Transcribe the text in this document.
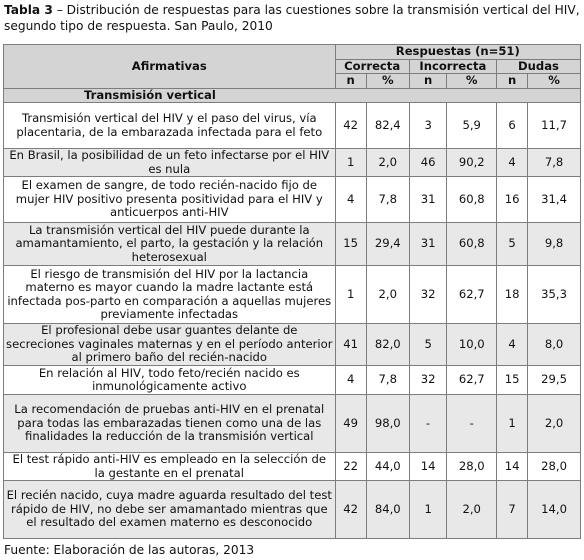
Tabla 3 – Distribución de respuestas para las cuestiones sobre la transmisión vertical del HIV, segundo tipo de respuesta. San Paulo, 2010
Afirmativas	Respuestas (n=51)					
	Correcta		Incorrecta		Dudas	
	n	%	n	%	n	%
Transmisión vertical						
Transmisión vertical del HIV y el paso del virus, vía placentaria, de la embarazada infectada para el feto	42	82,4	3	5,9	6	11,7
En Brasil, la posibilidad de un feto infectarse por el HIV es nula	1	2,0	46	90,2	4	7,8
El examen de sangre, de todo recién-nacido fijo de mujer HIV positivo presenta positividad para el HIV y anticuerpos anti-HIV	4	7,8	31	60,8	16	31,4
La transmisión vertical del HIV puede durante la amamantamiento, el parto, la gestación y la relación heterosexual	15	29,4	31	60,8	5	9,8
El riesgo de transmisión del HIV por la lactancia materno es mayor cuando la madre lactante está infectada pos-parto en comparación a aquellas mujeres previamente infectadas	1	2,0	32	62,7	18	35,3
El profesional debe usar guantes delante de secreciones vaginales maternas y en el período anterior al primero baño del recién-nacido	41	82,0	5	10,0	4	8,0
En relación al HIV, todo feto/recién nacido es inmunológicamente activo	4	7,8	32	62,7	15	29,5
La recomendación de pruebas anti-HIV en el prenatal para todas las embarazadas tienen como una de las finalidades la reducción de la transmisión vertical	49	98,0	-	-	1	2,0
El test rápido anti-HIV es empleado en la selección de la gestante en el prenatal	22	44,0	14	28,0	14	28,0
El recién nacido, cuya madre aguarda resultado del test rápido de HIV, no debe ser amamantado mientras que el resultado del examen materno es desconocido	42	84,0	1	2,0	7	14,0
Fuente: Elaboración de las autoras, 2013
